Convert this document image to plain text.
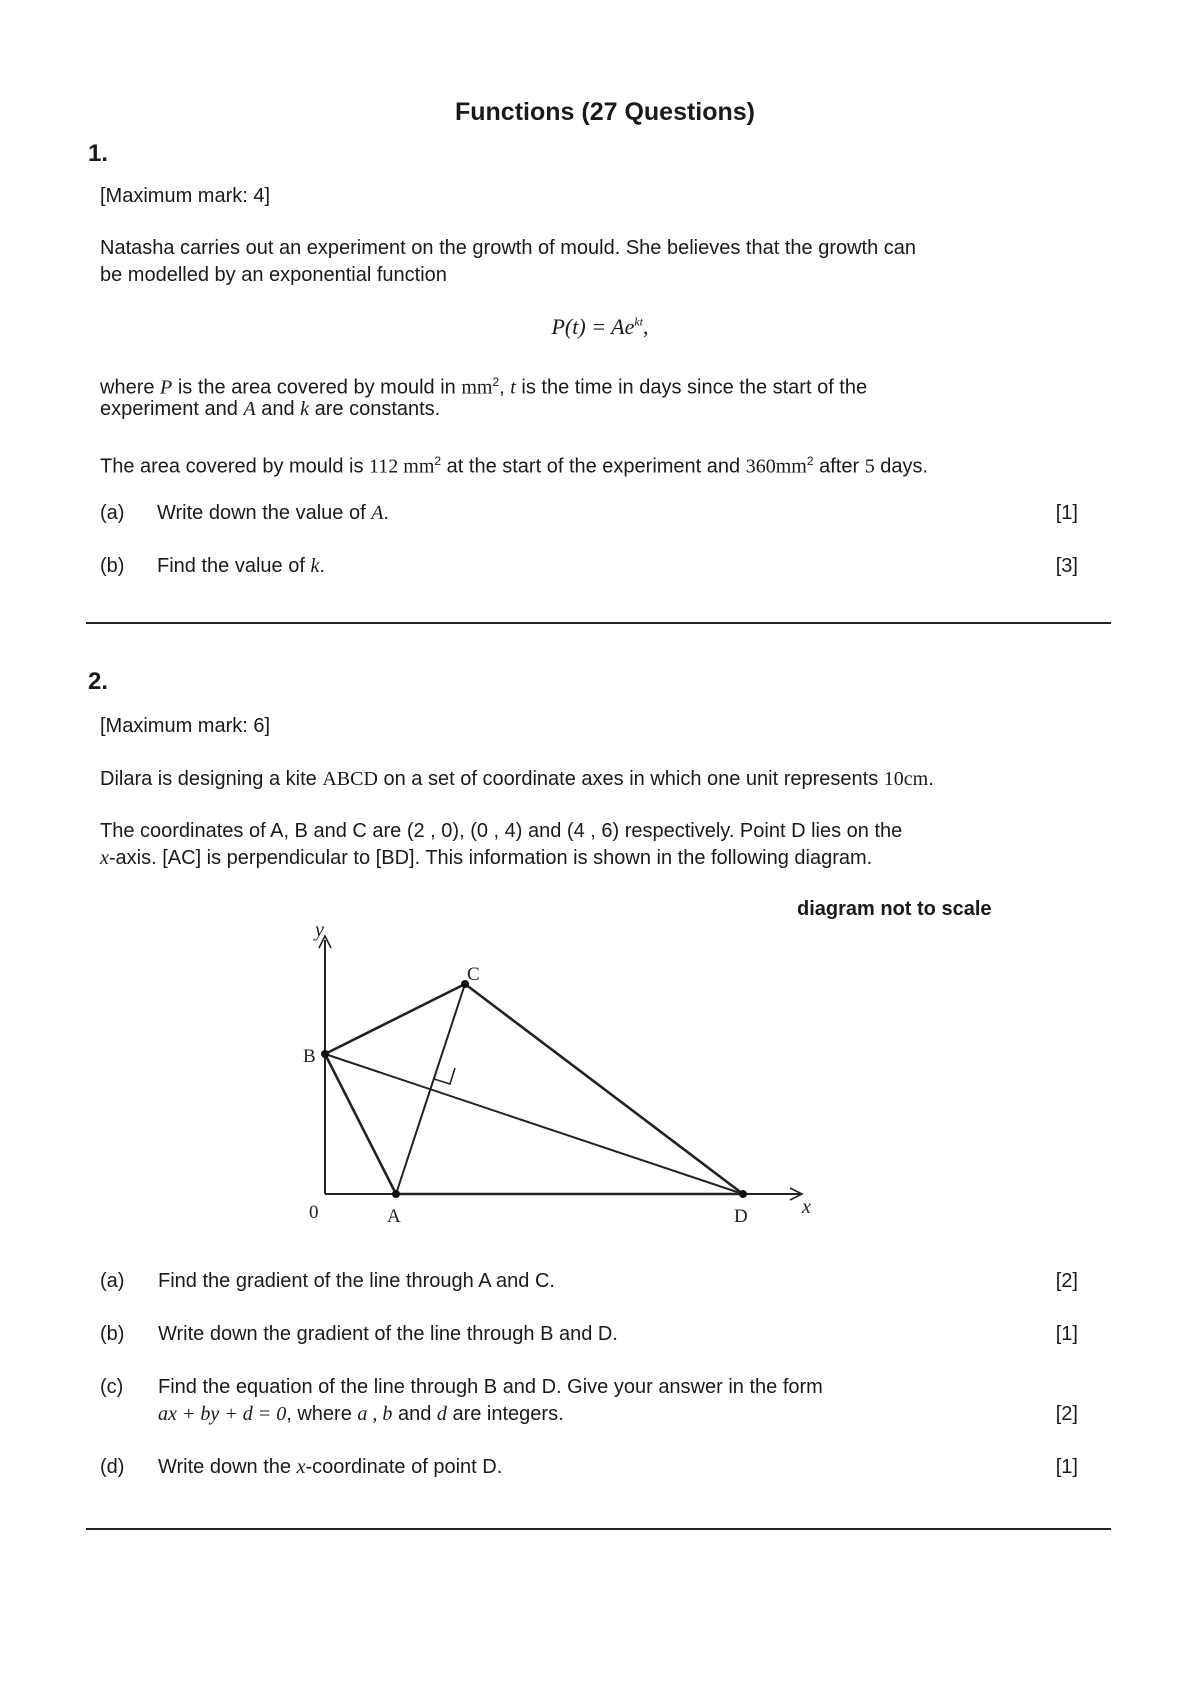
Functions (27 Questions)
1.
[Maximum mark: 4]
Natasha carries out an experiment on the growth of mould. She believes that the growth can
be modelled by an exponential function
$P(t) = Ae^{kt}$,
where P is the area covered by mould in $mm^2$, t is the time in days since the start of the
experiment and A and k are constants.
The area covered by mould is 112 $mm^2$ at the start of the experiment and $360mm^2$ after 5 days.
(a) Write down the value of A.	[1]
(b) Find the value of k.	[3]
2.
[Maximum mark: 6]
Dilara is designing a kite ABCD on a set of coordinate axes in which one unit represents 10cm.
The coordinates of A, B and C are (2 , 0), (0 , 4) and (4 , 6) respectively. Point D lies on the
x-axis. [AC] is perpendicular to [BD]. This information is shown in the following diagram.
diagram not to scale
y
x
0	A
B
C
D
(a) Find the gradient of the line through A and C.	[2]
(b) Write down the gradient of the line through B and D.	[1]
(c) Find the equation of the line through B and D. Give your answer in the form
ax + by + d = 0, where a , b and d are integers.	[2]
(d) Write down the x-coordinate of point D.	[1]
